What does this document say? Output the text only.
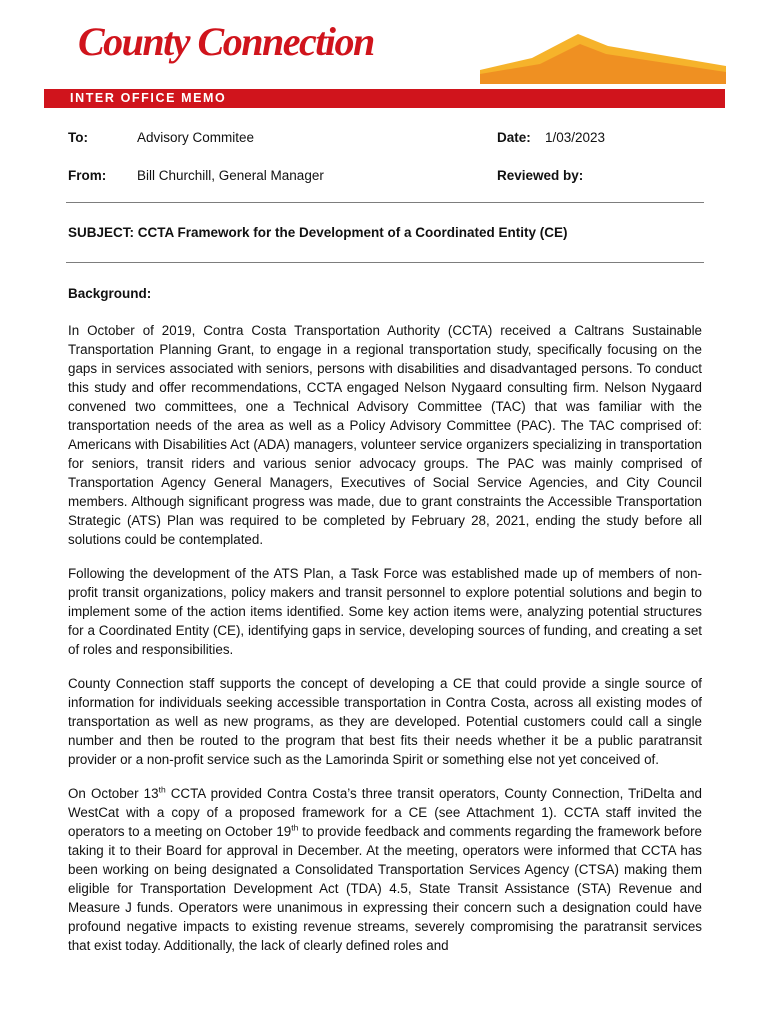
County Connection
INTER OFFICE MEMO
To:	Advisory Commitee	Date: 1/03/2023
From: Bill Churchill, General Manager	Reviewed by:
SUBJECT: CCTA Framework for the Development of a Coordinated Entity (CE)
Background:

In October of 2019, Contra Costa Transportation Authority (CCTA) received a Caltrans Sustainable Transportation Planning Grant, to engage in a regional transportation study, specifically focusing on the gaps in services associated with seniors, persons with disabilities and disadvantaged persons. To conduct this study and offer recommendations, CCTA engaged Nelson Nygaard consulting firm. Nelson Nygaard convened two committees, one a Technical Advisory Committee (TAC) that was familiar with the transportation needs of the area as well as a Policy Advisory Committee (PAC). The TAC comprised of: Americans with Disabilities Act (ADA) managers, volunteer service organizers specializing in transportation for seniors, transit riders and various senior advocacy groups. The PAC was mainly comprised of Transportation Agency General Managers, Executives of Social Service Agencies, and City Council members. Although significant progress was made, due to grant constraints the Accessible Transportation Strategic (ATS) Plan was required to be completed by February 28, 2021, ending the study before all solutions could be contemplated.

Following the development of the ATS Plan, a Task Force was established made up of members of non-profit transit organizations, policy makers and transit personnel to explore potential solutions and begin to implement some of the action items identified. Some key action items were, analyzing potential structures for a Coordinated Entity (CE), identifying gaps in service, developing sources of funding, and creating a set of roles and responsibilities.

County Connection staff supports the concept of developing a CE that could provide a single source of information for individuals seeking accessible transportation in Contra Costa, across all existing modes of transportation as well as new programs, as they are developed. Potential customers could call a single number and then be routed to the program that best fits their needs whether it be a public paratransit provider or a non-profit service such as the Lamorinda Spirit or something else not yet conceived of.

On October 13th CCTA provided Contra Costa’s three transit operators, County Connection, TriDelta and WestCat with a copy of a proposed framework for a CE (see Attachment 1). CCTA staff invited the operators to a meeting on October 19th to provide feedback and comments regarding the framework before taking it to their Board for approval in December. At the meeting, operators were informed that CCTA has been working on being designated a Consolidated Transportation Services Agency (CTSA) making them eligible for Transportation Development Act (TDA) 4.5, State Transit Assistance (STA) Revenue and Measure J funds. Operators were unanimous in expressing their concern such a designation could have profound negative impacts to existing revenue streams, severely compromising the paratransit services that exist today. Additionally, the lack of clearly defined roles and
